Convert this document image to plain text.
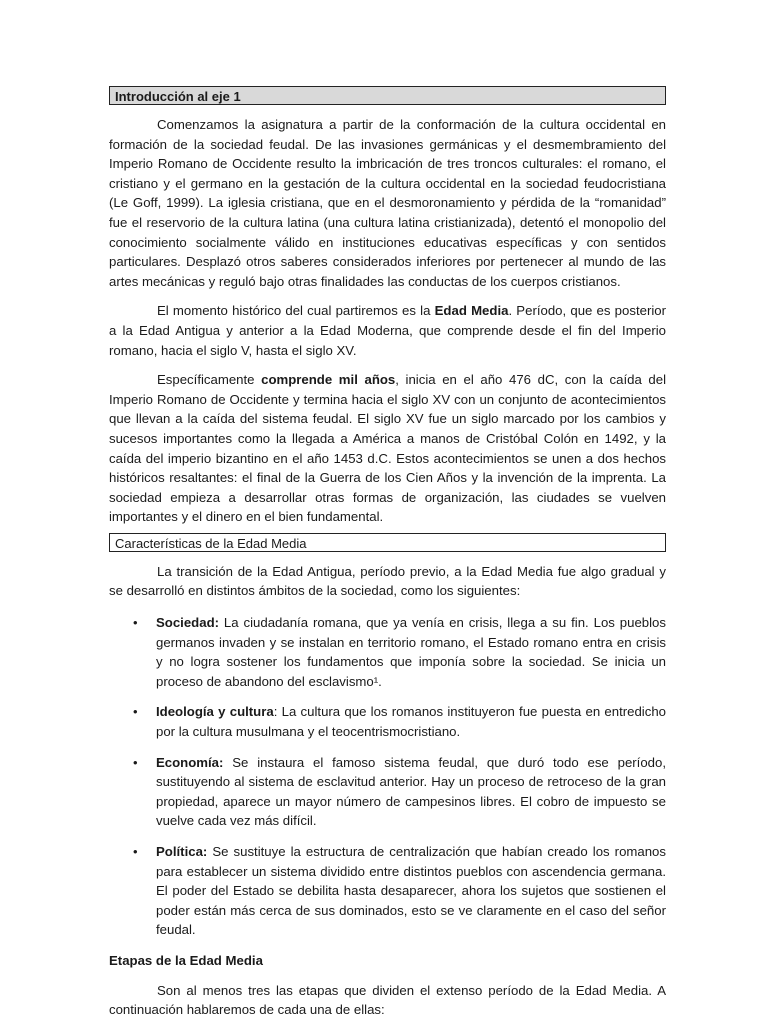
Introducción al eje 1

Comenzamos la asignatura a partir de la conformación de la cultura occidental en formación de la sociedad feudal. De las invasiones germánicas y el desmembramiento del Imperio Romano de Occidente resulto la imbricación de tres troncos culturales: el romano, el cristiano y el germano en la gestación de la cultura occidental en la sociedad feudocristiana (Le Goff, 1999). La iglesia cristiana, que en el desmoronamiento y pérdida de la “romanidad” fue el reservorio de la cultura latina (una cultura latina cristianizada), detentó el monopolio del conocimiento socialmente válido en instituciones educativas específicas y con sentidos particulares. Desplazó otros saberes considerados inferiores por pertenecer al mundo de las artes mecánicas y reguló bajo otras finalidades las conductas de los cuerpos cristianos.

El momento histórico del cual partiremos es la Edad Media. Período, que es posterior a la Edad Antigua y anterior a la Edad Moderna, que comprende desde el fin del Imperio romano, hacia el siglo V, hasta el siglo XV.

Específicamente comprende mil años, inicia en el año 476 dC, con la caída del Imperio Romano de Occidente y termina hacia el siglo XV con un conjunto de acontecimientos que llevan a la caída del sistema feudal. El siglo XV fue un siglo marcado por los cambios y sucesos importantes como la llegada a América a manos de Cristóbal Colón en 1492, y la caída del imperio bizantino en el año 1453 d.C. Estos acontecimientos se unen a dos hechos históricos resaltantes: el final de la Guerra de los Cien Años y la invención de la imprenta. La sociedad empieza a desarrollar otras formas de organización, las ciudades se vuelven importantes y el dinero en el bien fundamental.

Características de la Edad Media

La transición de la Edad Antigua, período previo, a la Edad Media fue algo gradual y se desarrolló en distintos ámbitos de la sociedad, como los siguientes:

• Sociedad: La ciudadanía romana, que ya venía en crisis, llega a su fin. Los pueblos germanos invaden y se instalan en territorio romano, el Estado romano entra en crisis y no logra sostener los fundamentos que imponía sobre la sociedad. Se inicia un proceso de abandono del esclavismo¹.
• Ideología y cultura: La cultura que los romanos instituyeron fue puesta en entredicho por la cultura musulmana y el teocentrismocristiano.
• Economía: Se instaura el famoso sistema feudal, que duró todo ese período, sustituyendo al sistema de esclavitud anterior. Hay un proceso de retroceso de la gran propiedad, aparece un mayor número de campesinos libres. El cobro de impuesto se vuelve cada vez más difícil.
• Política: Se sustituye la estructura de centralización que habían creado los romanos para establecer un sistema dividido entre distintos pueblos con ascendencia germana. El poder del Estado se debilita hasta desaparecer, ahora los sujetos que sostienen el poder están más cerca de sus dominados, esto se ve claramente en el caso del señor feudal.
Etapas de la Edad Media

Son al menos tres las etapas que dividen el extenso período de la Edad Media. A continuación hablaremos de cada una de ellas:
